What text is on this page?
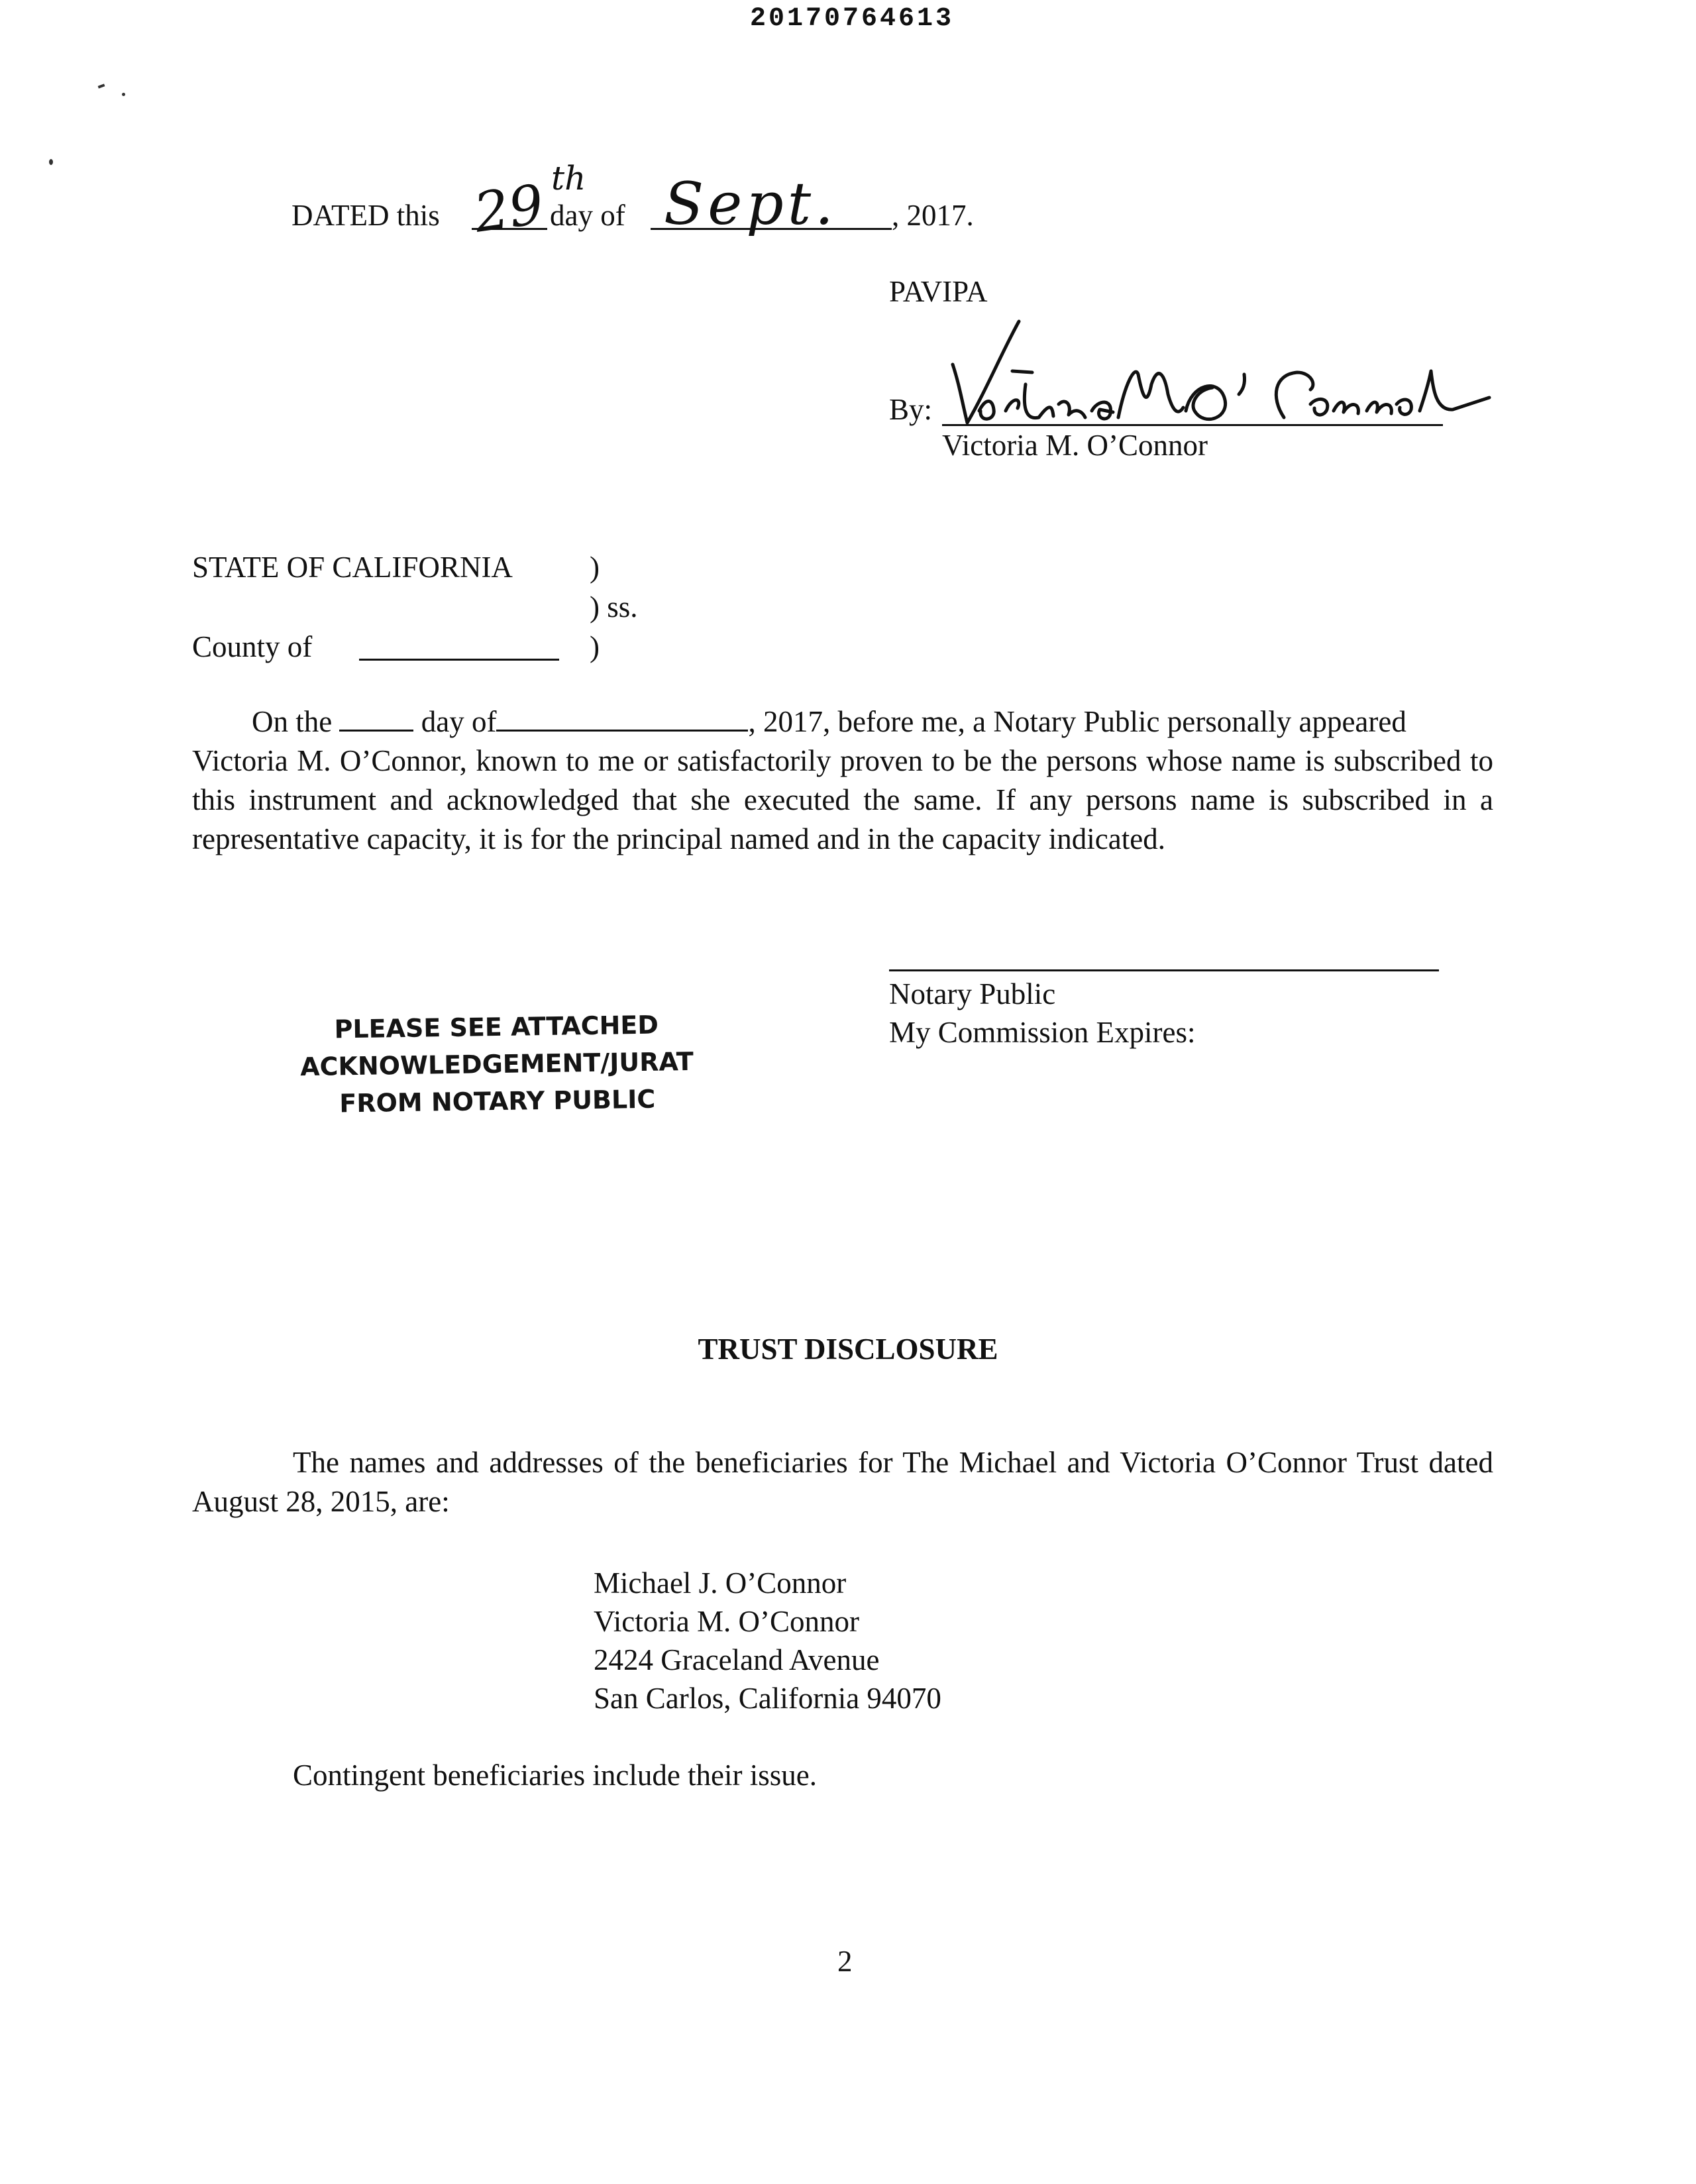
20170764613
DATED this 29 th
day of Sept. , 2017.
PAVIPA
By:
Victoria M. O’Connor
STATE OF CALIFORNIA	)
) ss.
County of	)
On the	day of	, 2017, before me, a Notary Public personally appeared
Victoria M. O’Connor, known to me or satisfactorily proven to be the persons whose name is subscribed to this instrument and acknowledged that she executed the same. If any persons name is subscribed in a representative capacity, it is for the principal named and in the capacity indicated.
Notary Public
My Commission Expires:
PLEASE SEE ATTACHED
ACKNOWLEDGEMENT/JURAT
FROM NOTARY PUBLIC
TRUST DISCLOSURE
The names and addresses of the beneficiaries for The Michael and Victoria O’Connor Trust dated August 28, 2015, are:
Michael J. O’Connor
Victoria M. O’Connor
2424 Graceland Avenue
San Carlos, California 94070
Contingent beneficiaries include their issue.
2
